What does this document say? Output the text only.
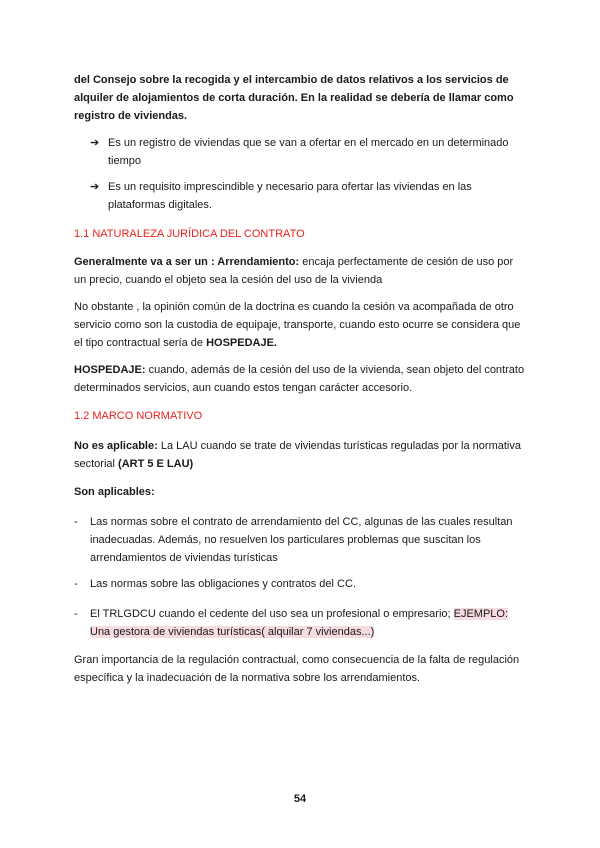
del Consejo sobre la recogida y el intercambio de datos relativos a los servicios de alquiler de alojamientos de corta duración. En la realidad se debería de llamar como registro de viviendas.

➔ Es un registro de viviendas que se van a ofertar en el mercado en un determinado tiempo

➔ Es un requisito imprescindible y necesario para ofertar las viviendas en las plataformas digitales.

1.1 NATURALEZA JURÍDICA DEL CONTRATO

Generalmente va a ser un : Arrendamiento: encaja perfectamente de cesión de uso por un precio, cuando el objeto sea la cesión del uso de la vivienda

No obstante , la opinión común de la doctrina es cuando la cesión va acompañada de otro servicio como son la custodia de equipaje, transporte, cuando esto ocurre se considera que el tipo contractual sería de HOSPEDAJE.

HOSPEDAJE: cuando, además de la cesión del uso de la vivienda, sean objeto del contrato determinados servicios, aun cuando estos tengan carácter accesorio.

1.2 MARCO NORMATIVO

No es aplicable: La LAU cuando se trate de viviendas turísticas reguladas por la normativa sectorial (ART 5 E LAU)

Son aplicables:

-	Las normas sobre el contrato de arrendamiento del CC, algunas de las cuales resultan inadecuadas. Además, no resuelven los particulares problemas que suscitan los arrendamientos de viviendas turísticas

-	Las normas sobre las obligaciones y contratos del CC.

-	El TRLGDCU cuando el cedente del uso sea un profesional o empresario; EJEMPLO: Una gestora de viviendas turísticas( alquilar 7 viviendas...)

Gran importancia de la regulación contractual, como consecuencia de la falta de regulación específica y la inadecuación de la normativa sobre los arrendamientos.

54
